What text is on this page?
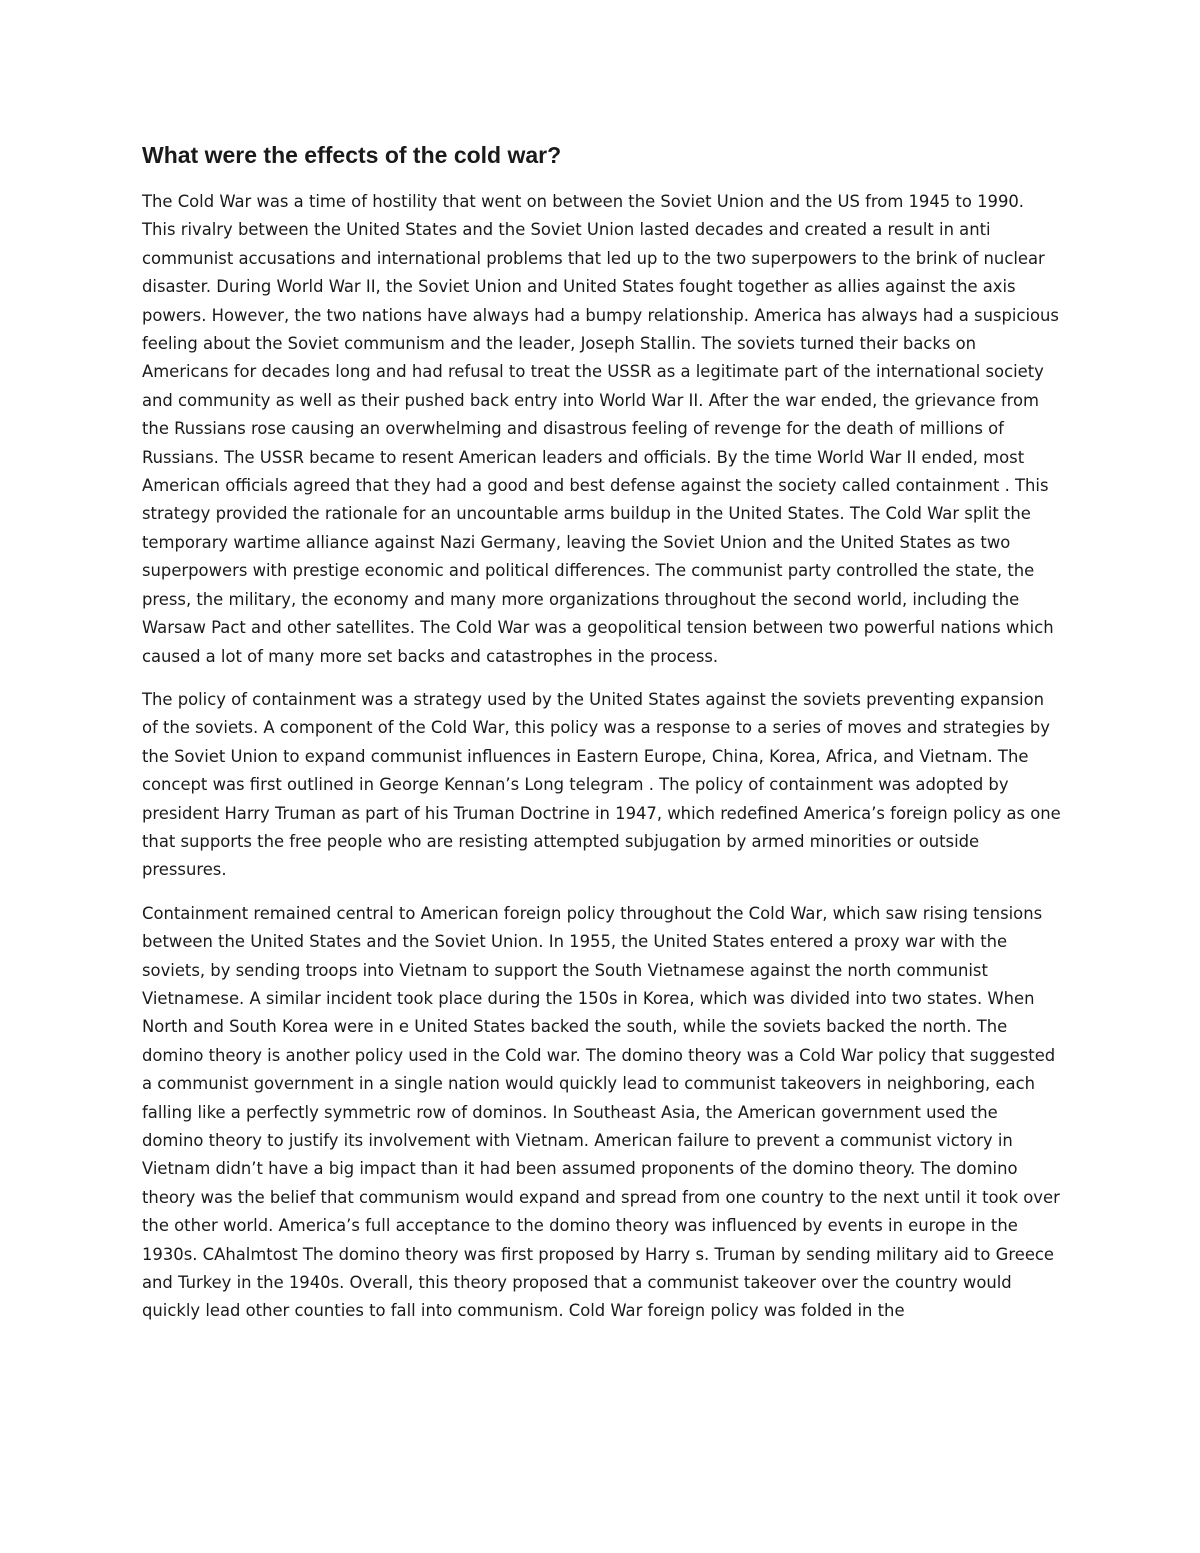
What were the effects of the cold war?

The Cold War was a time of hostility that went on between the Soviet Union and the US from 1945 to 1990. This rivalry between the United States and the Soviet Union lasted decades and created a result in anti communist accusations and international problems that led up to the two superpowers to the brink of nuclear disaster. During World War II, the Soviet Union and United States fought together as allies against the axis powers. However, the two nations have always had a bumpy relationship. America has always had a suspicious feeling about the Soviet communism and the leader, Joseph Stallin. The soviets turned their backs on Americans for decades long and had refusal to treat the USSR as a legitimate part of the international society and community as well as their pushed back entry into World War II. After the war ended, the grievance from the Russians rose causing an overwhelming and disastrous feeling of revenge for the death of millions of Russians. The USSR became to resent American leaders and officials. By the time World War II ended, most American officials agreed that they had a good and best defense against the society called containment . This strategy provided the rationale for an uncountable arms buildup in the United States. The Cold War split the temporary wartime alliance against Nazi Germany, leaving the Soviet Union and the United States as two superpowers with prestige economic and political differences. The communist party controlled the state, the press, the military, the economy and many more organizations throughout the second world, including the Warsaw Pact and other satellites. The Cold War was a geopolitical tension between two powerful nations which caused a lot of many more set backs and catastrophes in the process.

The policy of containment was a strategy used by the United States against the soviets preventing expansion of the soviets. A component of the Cold War, this policy was a response to a series of moves and strategies by the Soviet Union to expand communist influences in Eastern Europe, China, Korea, Africa, and Vietnam. The concept was first outlined in George Kennan’s Long telegram . The policy of containment was adopted by president Harry Truman as part of his Truman Doctrine in 1947, which redefined America’s foreign policy as one that supports the free people who are resisting attempted subjugation by armed minorities or outside pressures.

Containment remained central to American foreign policy throughout the Cold War, which saw rising tensions between the United States and the Soviet Union. In 1955, the United States entered a proxy war with the soviets, by sending troops into Vietnam to support the South Vietnamese against the north communist Vietnamese. A similar incident took place during the 150s in Korea, which was divided into two states. When North and South Korea were in e United States backed the south, while the soviets backed the north. The domino theory is another policy used in the Cold war. The domino theory was a Cold War policy that suggested a communist government in a single nation would quickly lead to communist takeovers in neighboring, each falling like a perfectly symmetric row of dominos. In Southeast Asia, the American government used the domino theory to justify its involvement with Vietnam. American failure to prevent a communist victory in Vietnam didn’t have a big impact than it had been assumed proponents of the domino theory. The domino theory was the belief that communism would expand and spread from one country to the next until it took over the other world. America’s full acceptance to the domino theory was influenced by events in europe in the 1930s. CAhalmtost The domino theory was first proposed by Harry s. Truman by sending military aid to Greece and Turkey in the 1940s. Overall, this theory proposed that a communist takeover over the country would quickly lead other counties to fall into communism. Cold War foreign policy was folded in the
